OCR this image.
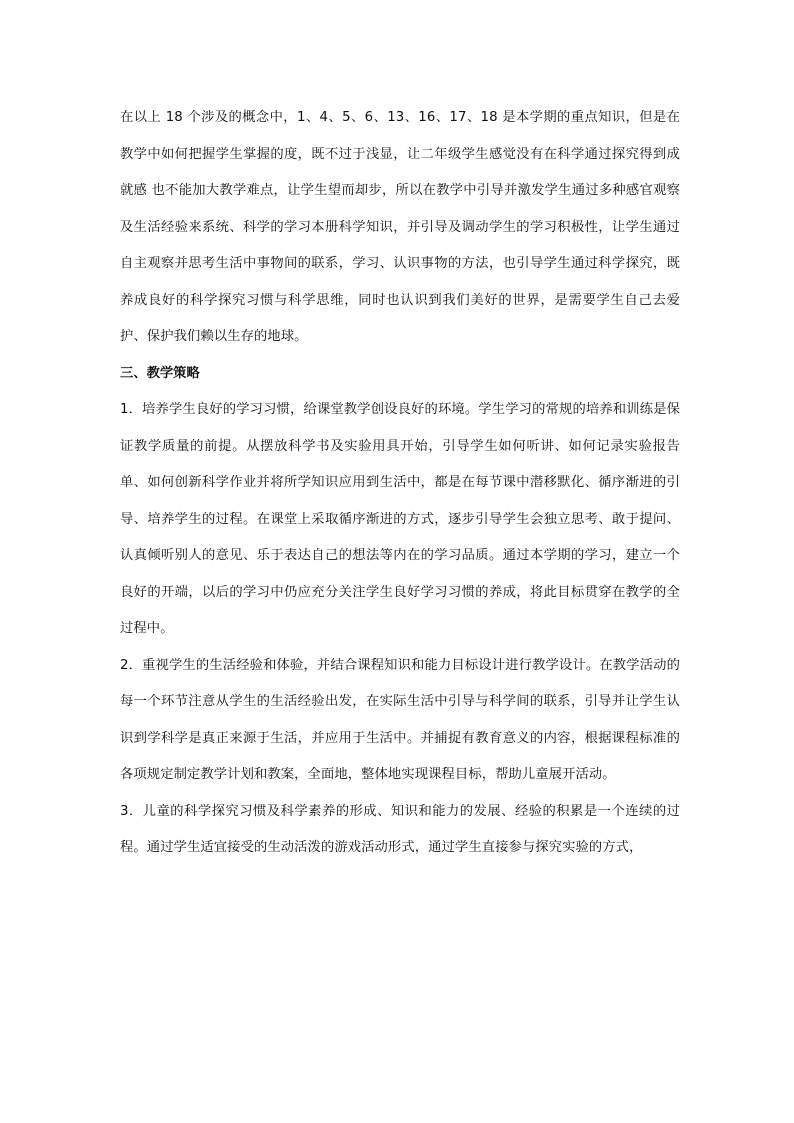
在以上 18 个涉及的概念中，1、4、5、6、13、16、17、18 是本学期的重点知识，但是在教学中如何把握学生掌握的度，既不过于浅显，让二年级学生感觉没有在科学通过探究得到成就感 也不能加大教学难点，让学生望而却步，所以在教学中引导并激发学生通过多种感官观察及生活经验来系统、科学的学习本册科学知识，并引导及调动学生的学习积极性，让学生通过自主观察并思考生活中事物间的联系，学习、认识事物的方法，也引导学生通过科学探究，既养成良好的科学探究习惯与科学思维，同时也认识到我们美好的世界，是需要学生自己去爱护、保护我们赖以生存的地球。

三、教学策略

1．培养学生良好的学习习惯，给课堂教学创设良好的环境。学生学习的常规的培养和训练是保证教学质量的前提。从摆放科学书及实验用具开始，引导学生如何听讲、如何记录实验报告单、如何创新科学作业并将所学知识应用到生活中，都是在每节课中潜移默化、循序渐进的引导、培养学生的过程。在课堂上采取循序渐进的方式，逐步引导学生会独立思考、敢于提问、认真倾听别人的意见、乐于表达自己的想法等内在的学习品质。通过本学期的学习，建立一个良好的开端，以后的学习中仍应充分关注学生良好学习习惯的养成，将此目标贯穿在教学的全过程中。

2．重视学生的生活经验和体验，并结合课程知识和能力目标设计进行教学设计。在教学活动的每一个环节注意从学生的生活经验出发，在实际生活中引导与科学间的联系，引导并让学生认识到学科学是真正来源于生活，并应用于生活中。并捕捉有教育意义的内容，根据课程标准的各项规定制定教学计划和教案，全面地，整体地实现课程目标，帮助儿童展开活动。

3．儿童的科学探究习惯及科学素养的形成、知识和能力的发展、经验的积累是一个连续的过程。通过学生适宜接受的生动活泼的游戏活动形式，通过学生直接参与探究实验的方式，
